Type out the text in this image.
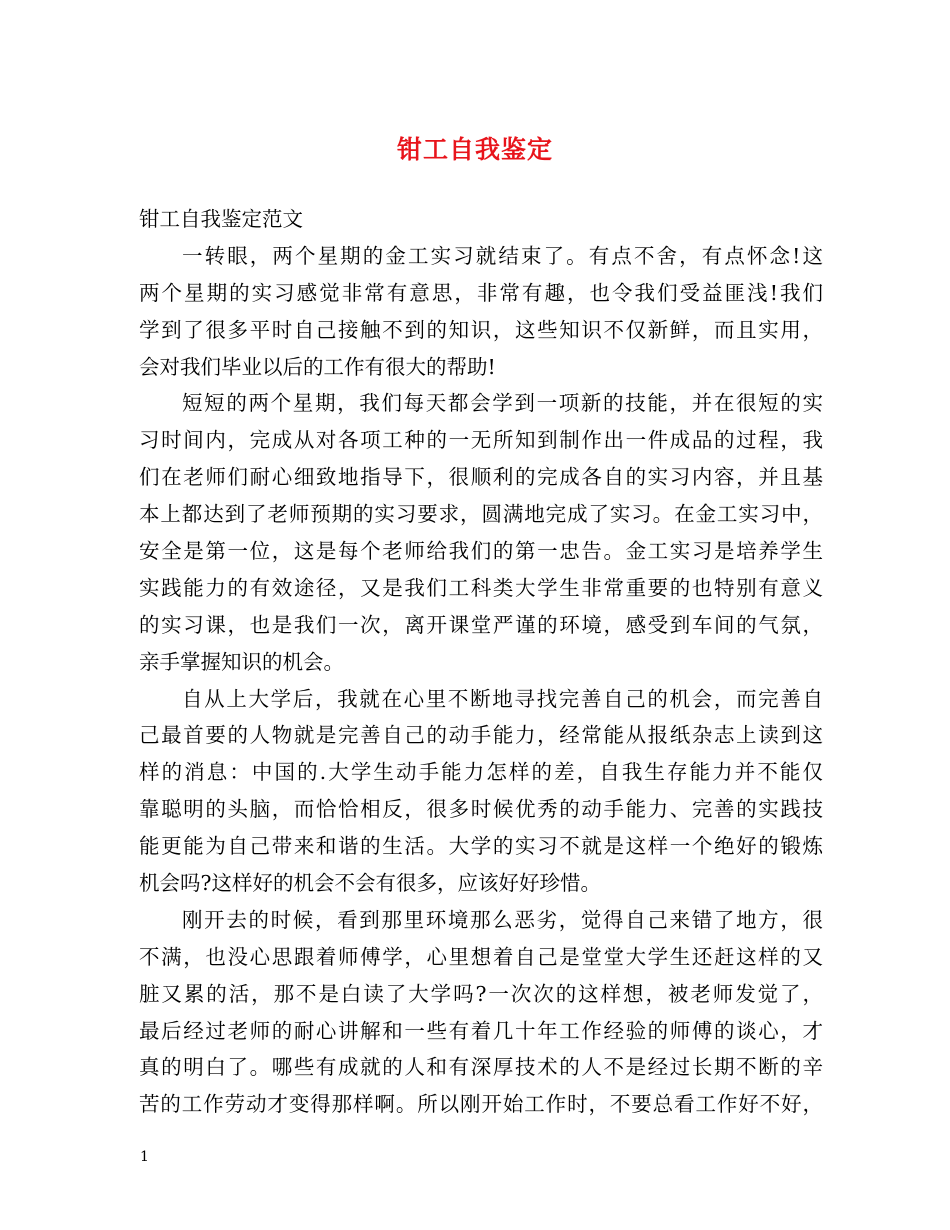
钳工自我鉴定
钳工自我鉴定范文
一转眼，两个星期的金工实习就结束了。有点不舍，有点怀念!这
两个星期的实习感觉非常有意思，非常有趣，也令我们受益匪浅!我们
学到了很多平时自己接触不到的知识，这些知识不仅新鲜，而且实用，
会对我们毕业以后的工作有很大的帮助!
短短的两个星期，我们每天都会学到一项新的技能，并在很短的实
习时间内，完成从对各项工种的一无所知到制作出一件成品的过程，我
们在老师们耐心细致地指导下，很顺利的完成各自的实习内容，并且基
本上都达到了老师预期的实习要求，圆满地完成了实习。在金工实习中，
安全是第一位，这是每个老师给我们的第一忠告。金工实习是培养学生
实践能力的有效途径，又是我们工科类大学生非常重要的也特别有意义
的实习课，也是我们一次，离开课堂严谨的环境，感受到车间的气氛，
亲手掌握知识的机会。
自从上大学后，我就在心里不断地寻找完善自己的机会，而完善自
己最首要的人物就是完善自己的动手能力，经常能从报纸杂志上读到这
样的消息：中国的.大学生动手能力怎样的差，自我生存能力并不能仅
靠聪明的头脑，而恰恰相反，很多时候优秀的动手能力、完善的实践技
能更能为自己带来和谐的生活。大学的实习不就是这样一个绝好的锻炼
机会吗?这样好的机会不会有很多，应该好好珍惜。
刚开去的时候，看到那里环境那么恶劣，觉得自己来错了地方，很
不满，也没心思跟着师傅学，心里想着自己是堂堂大学生还赶这样的又
脏又累的活，那不是白读了大学吗?一次次的这样想，被老师发觉了，
最后经过老师的耐心讲解和一些有着几十年工作经验的师傅的谈心，才
真的明白了。哪些有成就的人和有深厚技术的人不是经过长期不断的辛
苦的工作劳动才变得那样啊。所以刚开始工作时，不要总看工作好不好，
1
